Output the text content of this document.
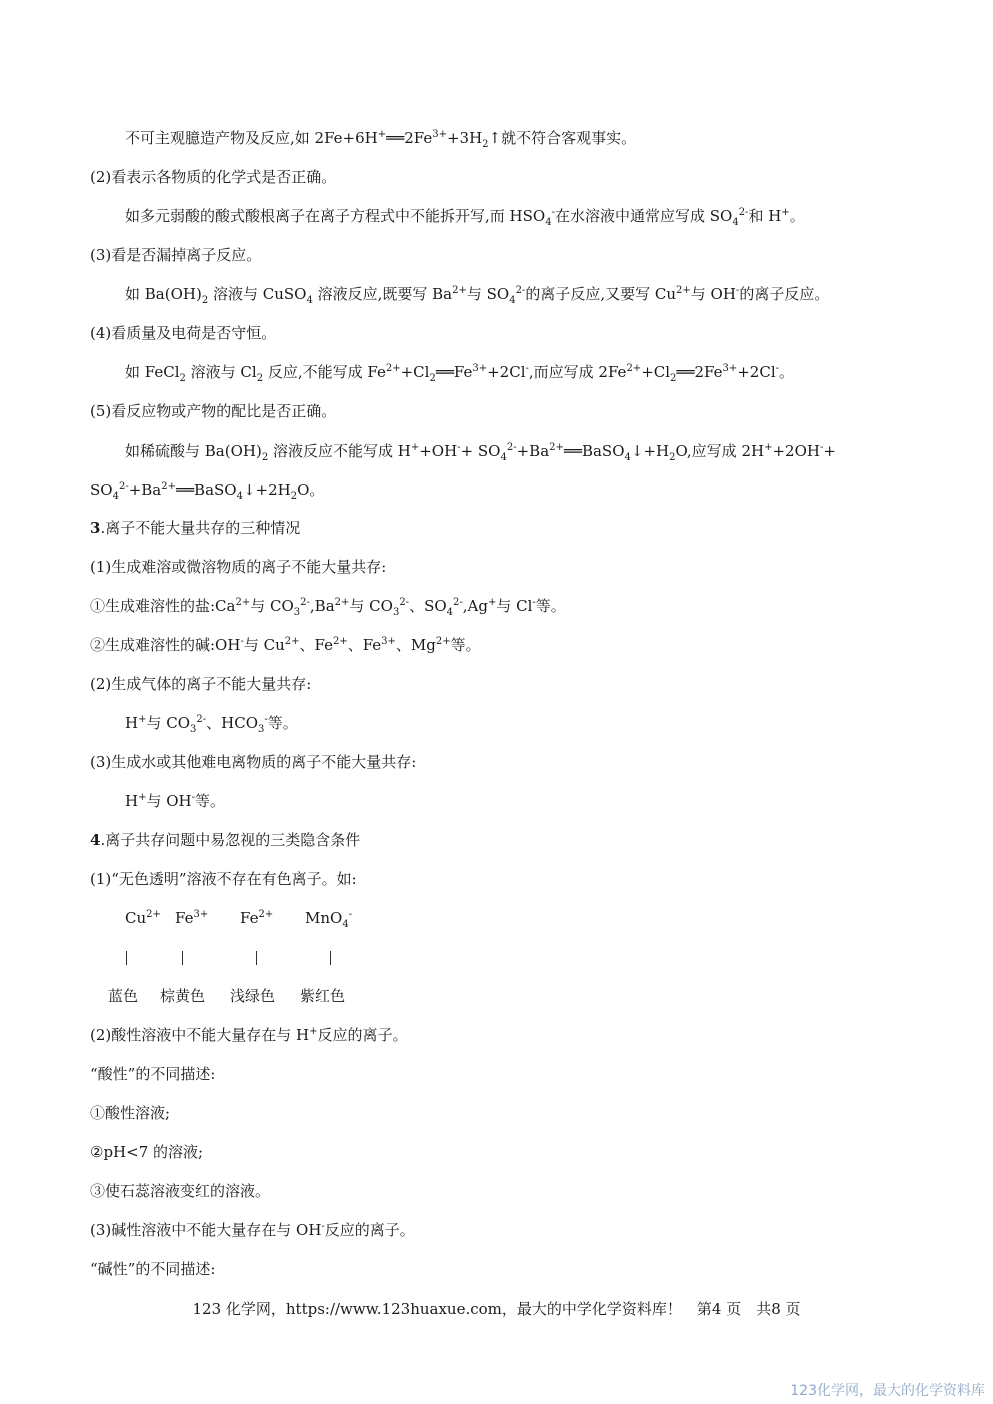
不可主观臆造产物及反应,如 $2Fe+6H^+══2Fe^{3+}+3H_2↑$就不符合客观事实。
(2)看表示各物质的化学式是否正确。
如多元弱酸的酸式酸根离子在离子方程式中不能拆开写,而 $HSO_4^-$在水溶液中通常应写成 $SO_4^{2-}$和 H+。
(3)看是否漏掉离子反应。
如 $Ba(OH)_2$ 溶液与 CuSO$_4$ 溶液反应,既要写 $Ba^{2+}$与 $SO_4^{2-}$的离子反应,又要写 $Cu^{2+}$与 OH-的离子反应。
(4)看质量及电荷是否守恒。
如 FeCl$_2$ 溶液与 $Cl_2$ 反应,不能写成 $Fe^{2+}+Cl_2══Fe^{3+}+2Cl^-$,而应写成 $2Fe^{2+}+Cl_2══2Fe^{3+}+2Cl^-$。
(5)看反应物或产物的配比是否正确。
如稀硫酸与 $Ba(OH)_2$ 溶液反应不能写成 $H^++OH^-+ SO_4^{2-}+Ba^{2+}══BaSO_4↓+H_2O$,应写成 2H++2OH-+
$SO_4^{2-}+Ba^{2+}══BaSO_4↓+2H_2O$。
3.离子不能大量共存的三种情况
(1)生成难溶或微溶物质的离子不能大量共存:
①生成难溶性的盐$:Ca^{2+}$与 $CO_3^{2-},Ba^{2+}$与 $CO_3^{2-}$、$SO_4^{2-},Ag^+$与 Cl-等。
②生成难溶性的碱:OH-与 $Cu^{2+}$、$Fe^{2+}$、$Fe^{3+}$、$Mg^{2+}$等。
(2)生成气体的离子不能大量共存:
H+与 $CO_3^{2-}$、$HCO_3^-$等。
(3)生成水或其他难电离物质的离子不能大量共存:
H+与 OH-等。
4.离子共存问题中易忽视的三类隐含条件
(1)“无色透明”溶液不存在有色离子。如:
$Cu^{2+}$ $Fe^{3+}$ $Fe^{2+}$ MnO$_4$-
蓝色 棕黄色 浅绿色 紫红色
(2)酸性溶液中不能大量存在与 H+反应的离子。
“酸性”的不同描述:
①酸性溶液;
②pH<7 的溶液;
③使石蕊溶液变红的溶液。
(3)碱性溶液中不能大量存在与 OH-反应的离子。
“碱性”的不同描述:
123 化学网，https://www.123huaxue.com，最大的中学化学资料库！　第4 页　共8 页
123化学网，最大的化学资料库
